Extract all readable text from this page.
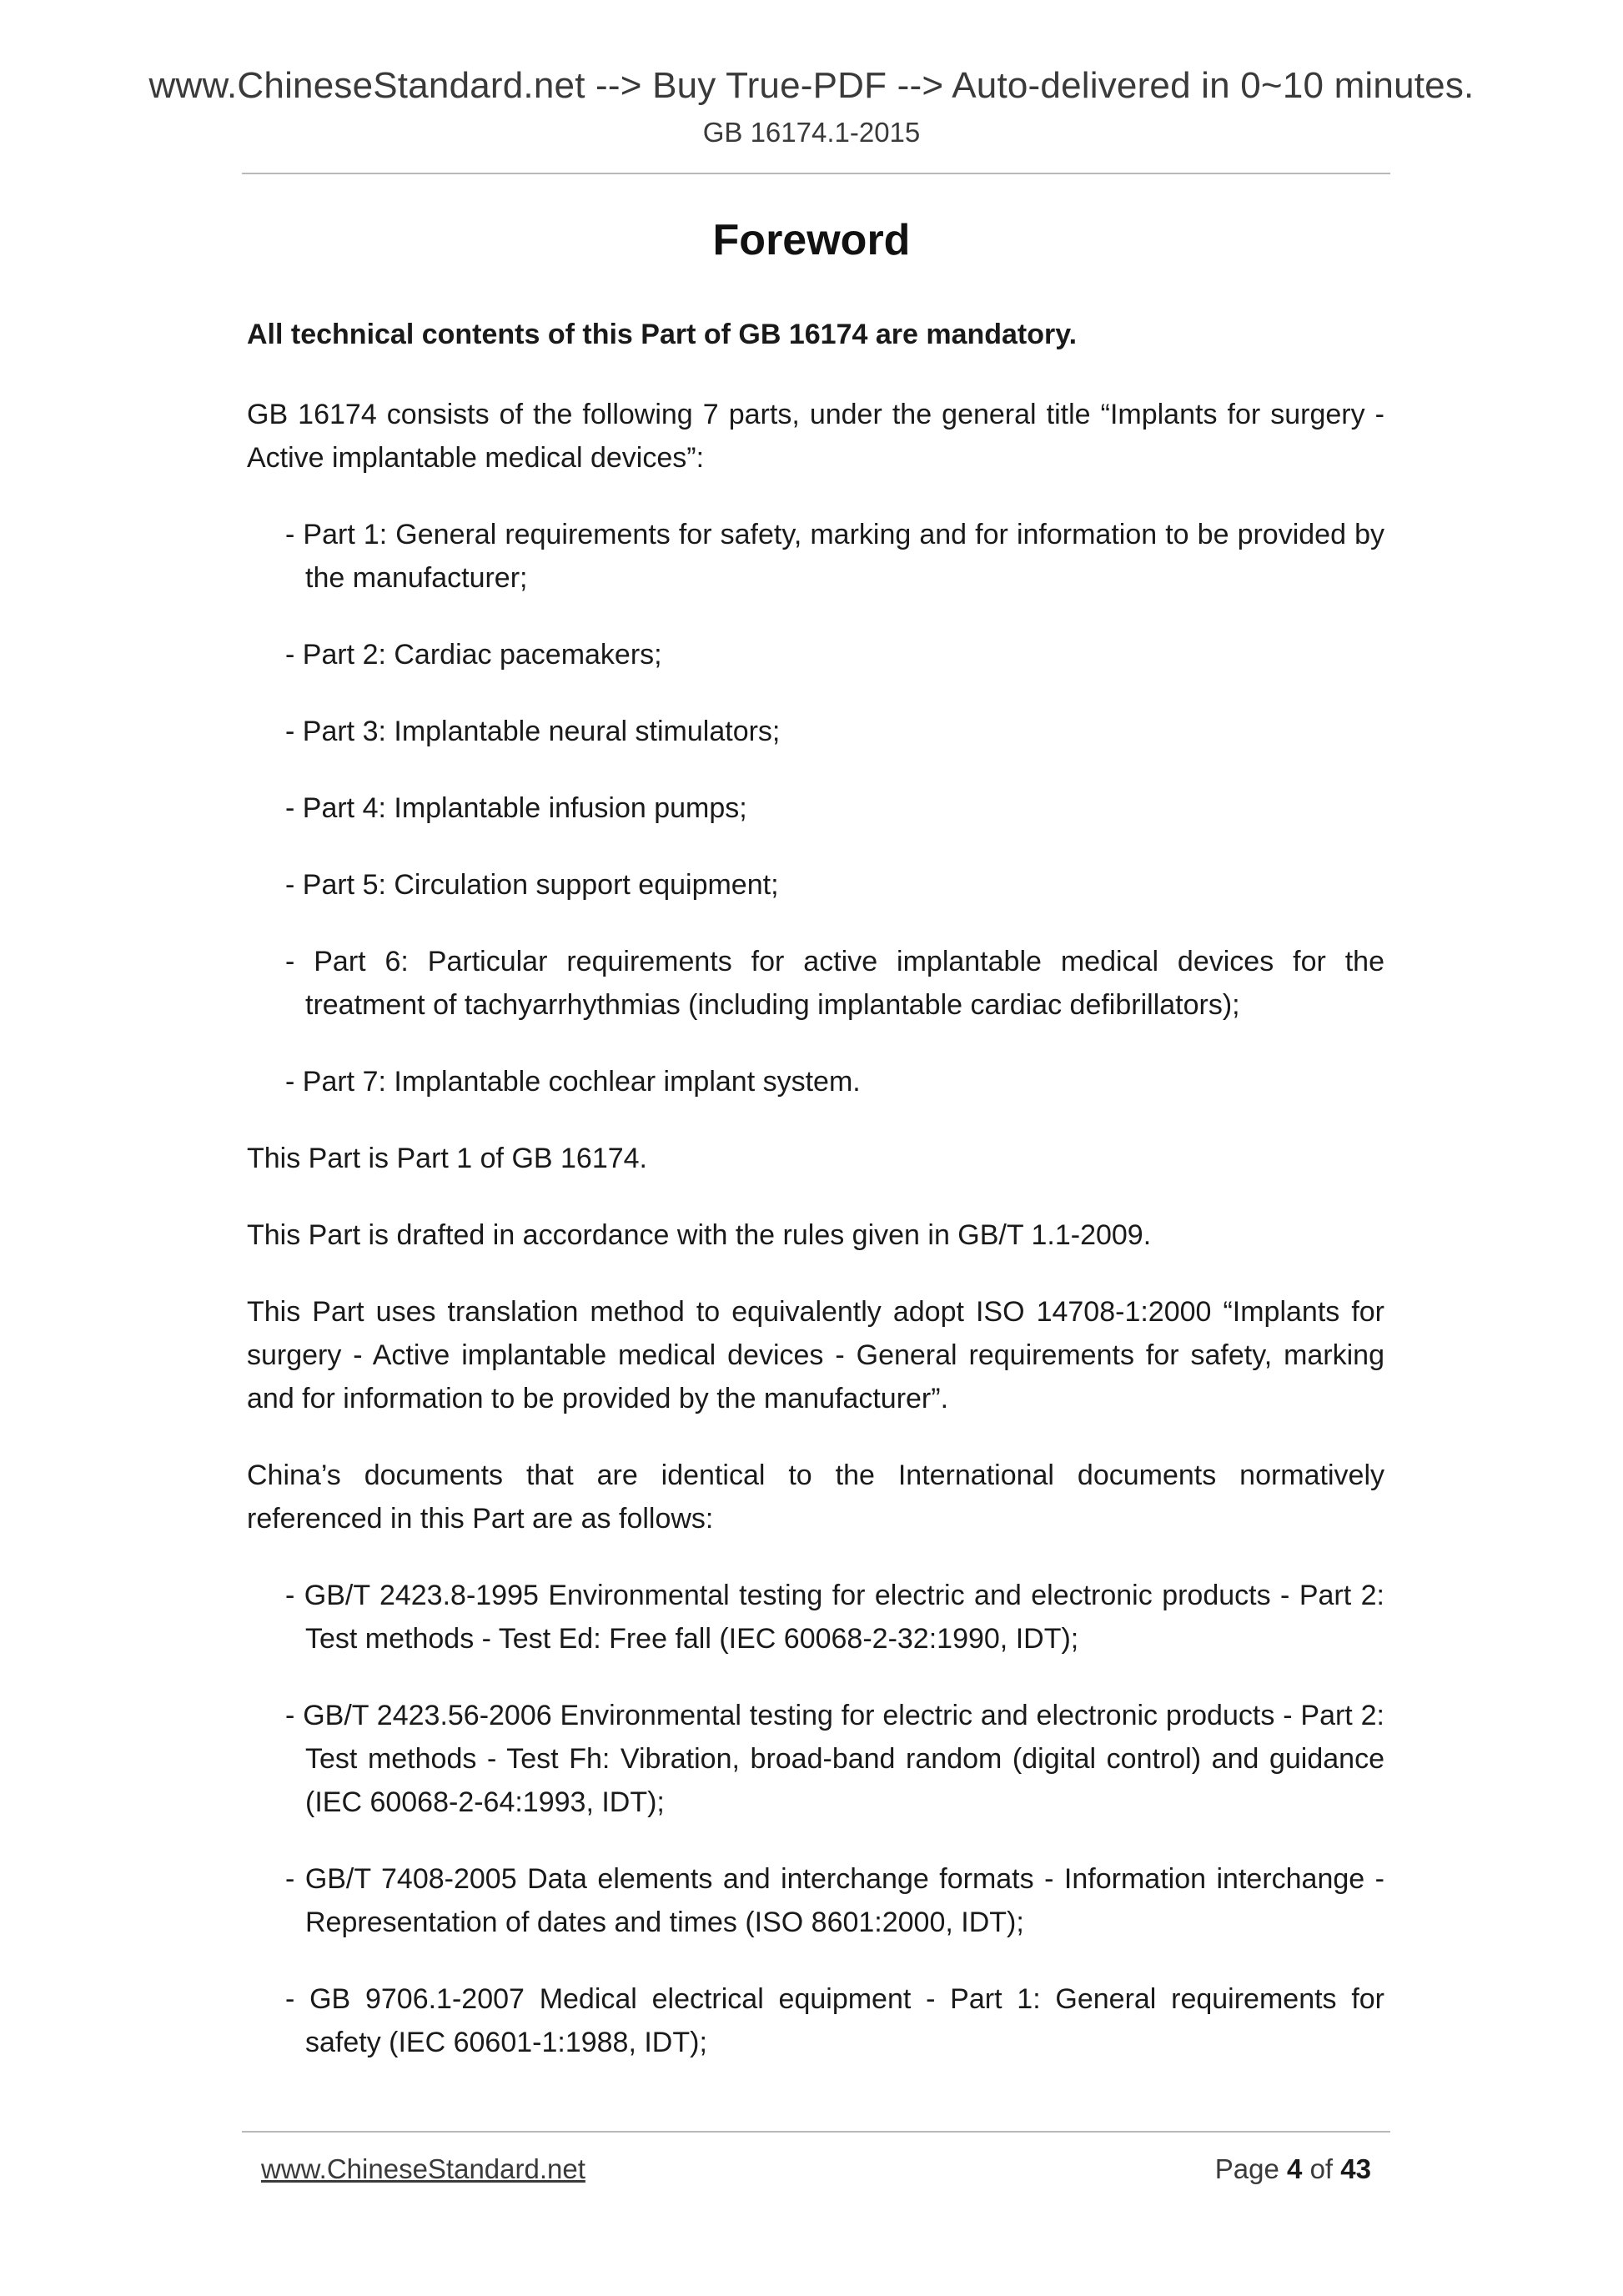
www.ChineseStandard.net --> Buy True-PDF --> Auto-delivered in 0~10 minutes.
GB 16174.1-2015
Foreword

All technical contents of this Part of GB 16174 are mandatory.

GB 16174 consists of the following 7 parts, under the general title “Implants for surgery - Active implantable medical devices”:

- Part 1: General requirements for safety, marking and for information to be provided by the manufacturer;
- Part 2: Cardiac pacemakers;
- Part 3: Implantable neural stimulators;
- Part 4: Implantable infusion pumps;
- Part 5: Circulation support equipment;
- Part 6: Particular requirements for active implantable medical devices for the treatment of tachyarrhythmias (including implantable cardiac defibrillators);
- Part 7: Implantable cochlear implant system.

This Part is Part 1 of GB 16174.

This Part is drafted in accordance with the rules given in GB/T 1.1-2009.

This Part uses translation method to equivalently adopt ISO 14708-1:2000 “Implants for surgery - Active implantable medical devices - General requirements for safety, marking and for information to be provided by the manufacturer”.

China’s documents that are identical to the International documents normatively referenced in this Part are as follows:

- GB/T 2423.8-1995 Environmental testing for electric and electronic products - Part 2: Test methods - Test Ed: Free fall (IEC 60068-2-32:1990, IDT);
- GB/T 2423.56-2006 Environmental testing for electric and electronic products - Part 2: Test methods - Test Fh: Vibration, broad-band random (digital control) and guidance (IEC 60068-2-64:1993, IDT);
- GB/T 7408-2005 Data elements and interchange formats - Information interchange - Representation of dates and times (ISO 8601:2000, IDT);
- GB 9706.1-2007 Medical electrical equipment - Part 1: General requirements for safety (IEC 60601-1:1988, IDT);
www.ChineseStandard.net	Page 4 of 43
